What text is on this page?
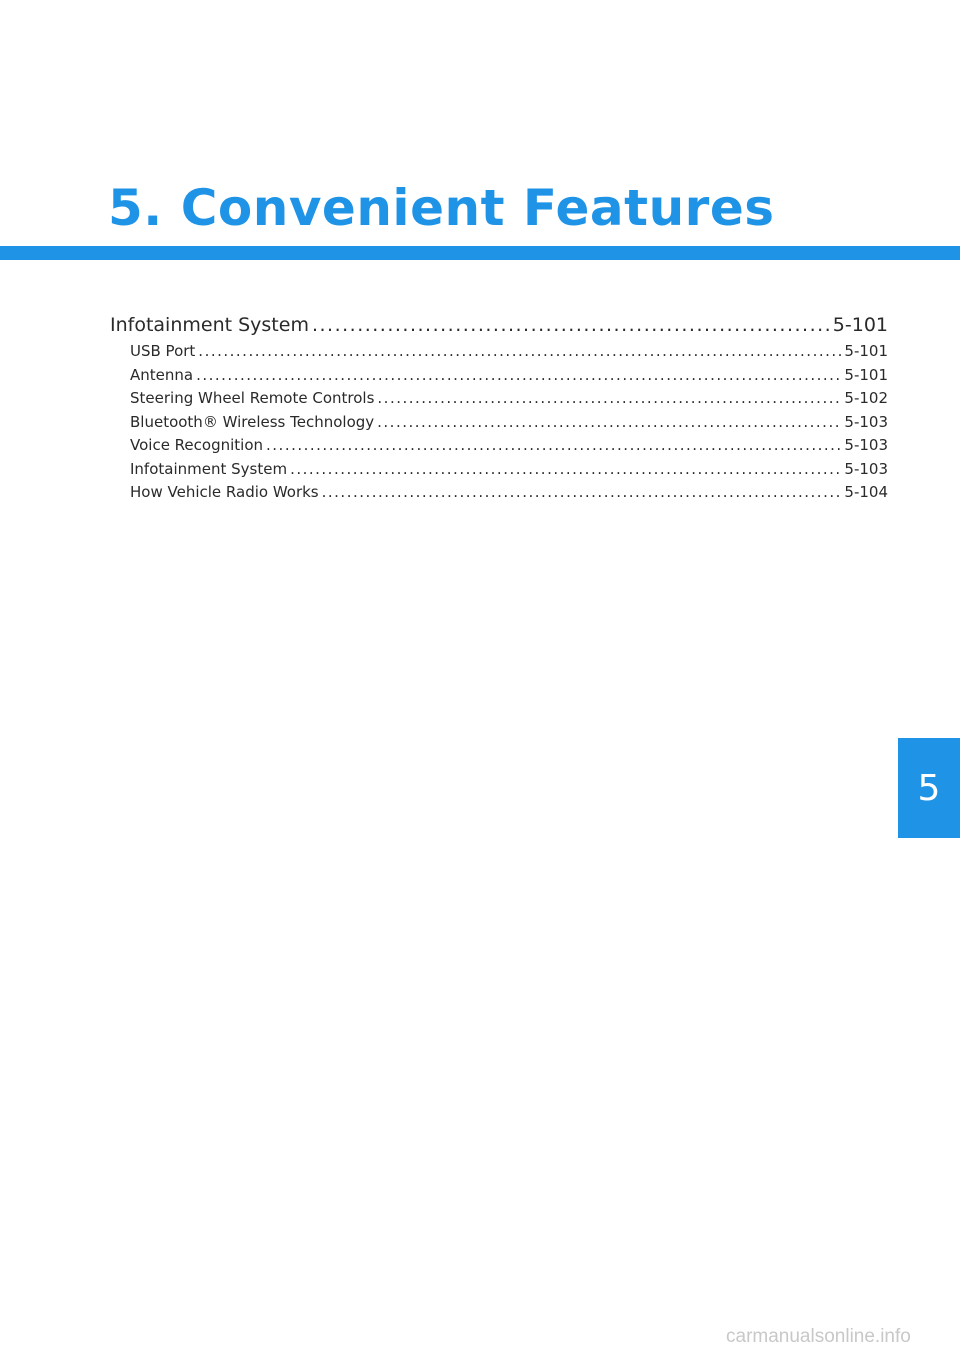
5. Convenient Features
Infotainment System .....	5-101
USB Port .....	5-101
Antenna .....	5-101
Steering Wheel Remote Controls .....	5-102
Bluetooth® Wireless Technology .....	5-103
Voice Recognition .....	5-103
Infotainment System .....	5-103
How Vehicle Radio Works .....	5-104
5
carmanualsonline.info
